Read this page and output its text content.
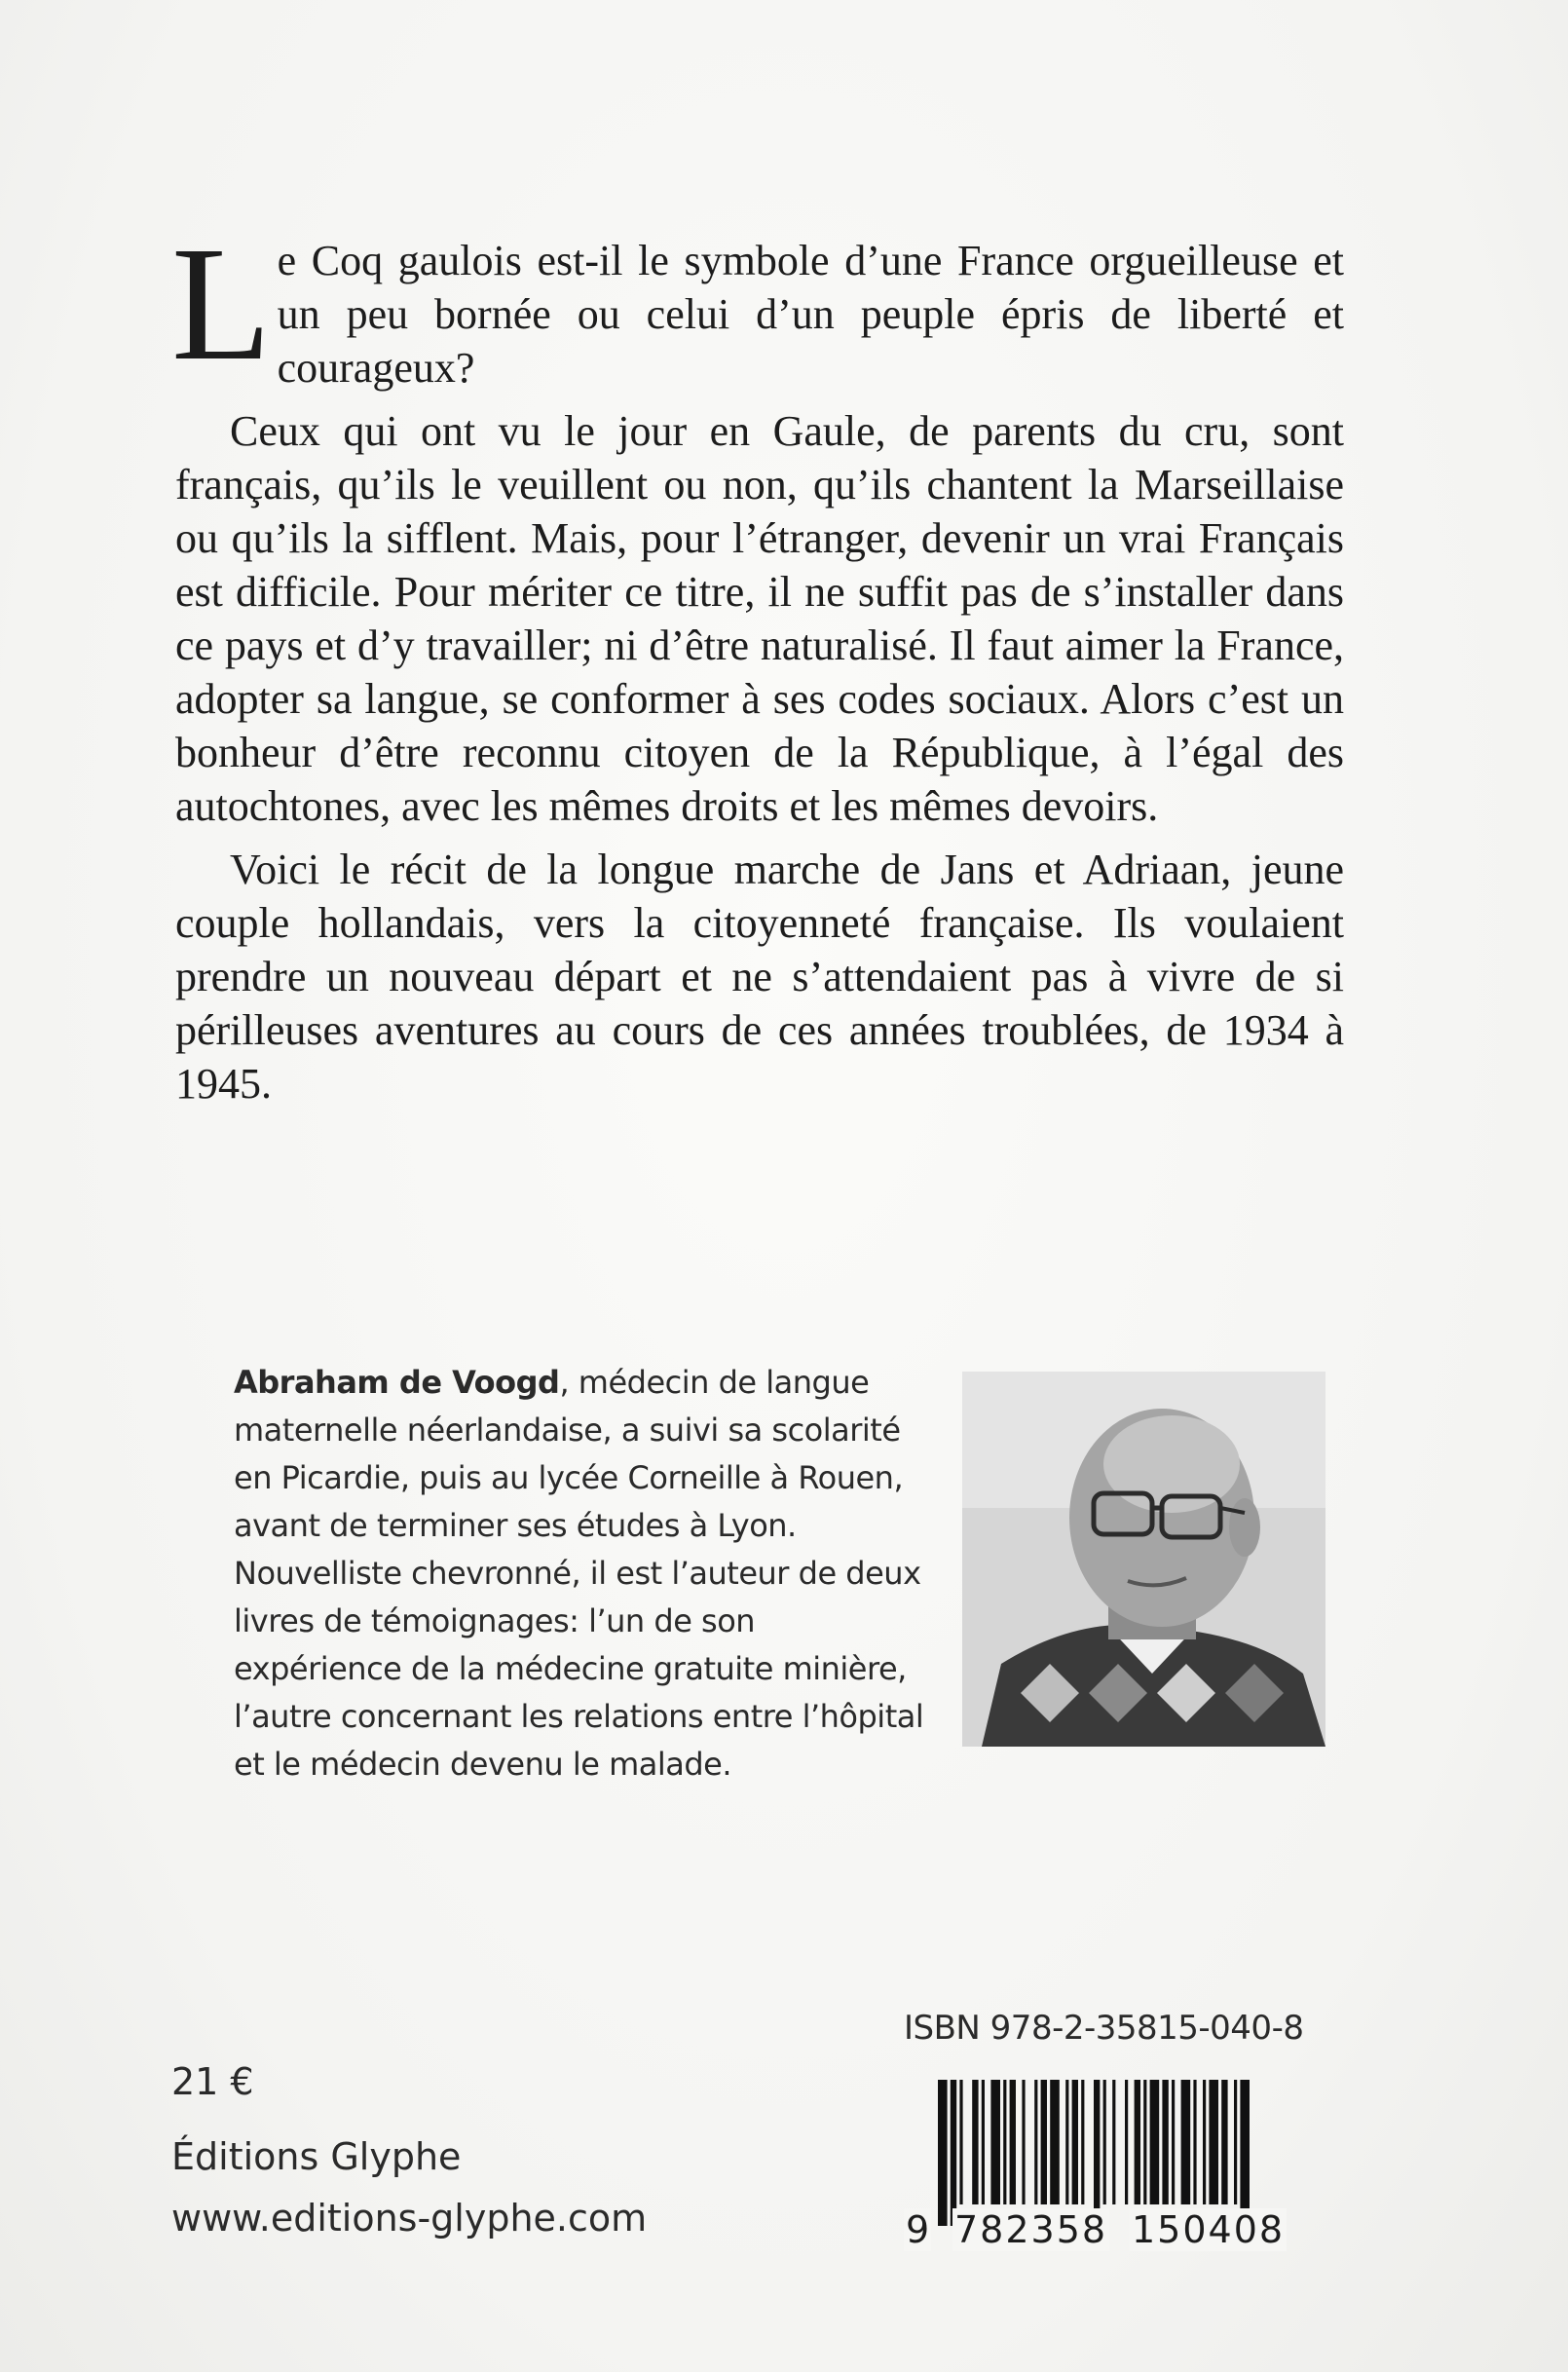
Le Coq gaulois est-il le symbole d’une France orgueilleuse et un peu bornée ou celui d’un peuple épris de liberté et courageux?

Ceux qui ont vu le jour en Gaule, de parents du cru, sont français, qu’ils le veuillent ou non, qu’ils chantent la Marseillaise ou qu’ils la sifflent. Mais, pour l’étranger, devenir un vrai Français est difficile. Pour mériter ce titre, il ne suffit pas de s’installer dans ce pays et d’y travailler; ni d’être naturalisé. Il faut aimer la France, adopter sa langue, se conformer à ses codes sociaux. Alors c’est un bonheur d’être reconnu citoyen de la République, à l’égal des autochtones, avec les mêmes droits et les mêmes devoirs.

Voici le récit de la longue marche de Jans et Adriaan, jeune couple hollandais, vers la citoyenneté française. Ils voulaient prendre un nouveau départ et ne s’attendaient pas à vivre de si périlleuses aventures au cours de ces années troublées, de 1934 à 1945.

Abraham de Voogd, médecin de langue maternelle néerlandaise, a suivi sa scolarité en Picardie, puis au lycée Corneille à Rouen, avant de terminer ses études à Lyon. Nouvelliste chevronné, il est l’auteur de deux livres de témoignages: l’un de son expérience de la médecine gratuite minière, l’autre concernant les relations entre l’hôpital et le médecin devenu le malade.
21 €
Éditions Glyphe
www.editions-glyphe.com
ISBN 978-2-35815-040-8
9 782358 150408
